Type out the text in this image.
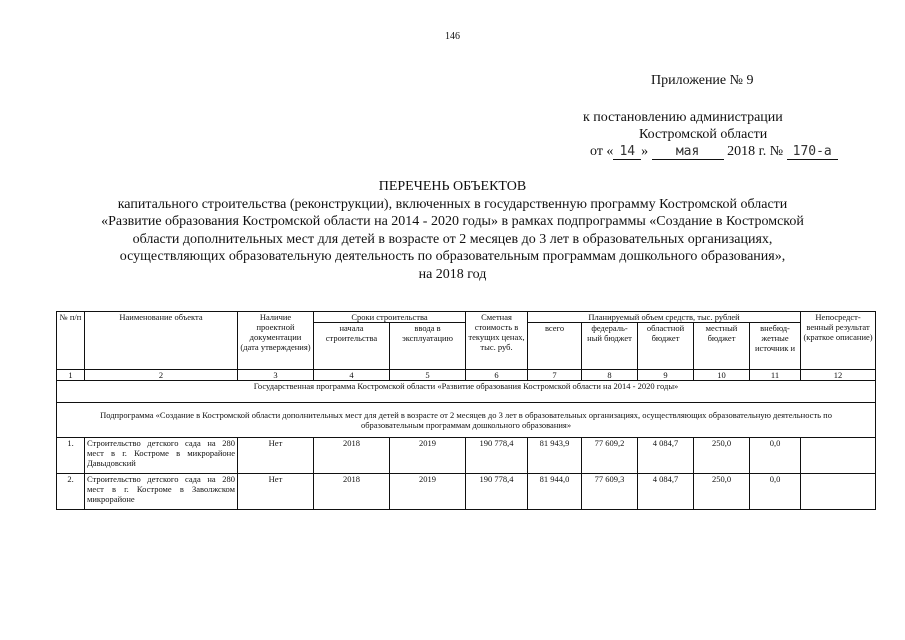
146
Приложение № 9
к постановлению администрации
Костромской области
от « 14 » мая 2018 г. № 170-а
ПЕРЕЧЕНЬ ОБЪЕКТОВ
капитального строительства (реконструкции), включенных в государственную программу Костромской области
«Развитие образования Костромской области на 2014 - 2020 годы» в рамках подпрограммы «Создание в Костромской
области дополнительных мест для детей в возрасте от 2 месяцев до 3 лет в образовательных организациях,
осуществляющих образовательную деятельность по образовательным программам дошкольного образования»,
на 2018 год
№ п/п	Наименование объекта	Наличие проектной документации (дата утверждения)	Сроки строительства		Сметная стоимость в текущих ценах, тыс. руб.	Планируемый объем средств, тыс. рублей					Непосредст-венный результат (краткое описание)
			начала строительства	ввода в эксплуатацию		всего	федераль-ный бюджет	областной бюджет	местный бюджет	внебюд-жетные источник и	
1	2	3	4	5	6	7	8	9	10	11	12
Государственная программа Костромской области «Развитие образования Костромской области на 2014 - 2020 годы»											
Подпрограмма «Создание в Костромской области дополнительных мест для детей в возрасте от 2 месяцев до 3 лет в образовательных организациях, осуществляющих образовательную деятельность по образовательным программам дошкольного образования»											
1.	Строительство детского сада на 280 мест в г. Костроме в микрорайоне Давыдовский	Нет	2018	2019	190 778,4	81 943,9	77 609,2	4 084,7	250,0	0,0	
2.	Строительство детского сада на 280 мест в г. Костроме в Заволжском микрорайоне	Нет	2018	2019	190 778,4	81 944,0	77 609,3	4 084,7	250,0	0,0	
